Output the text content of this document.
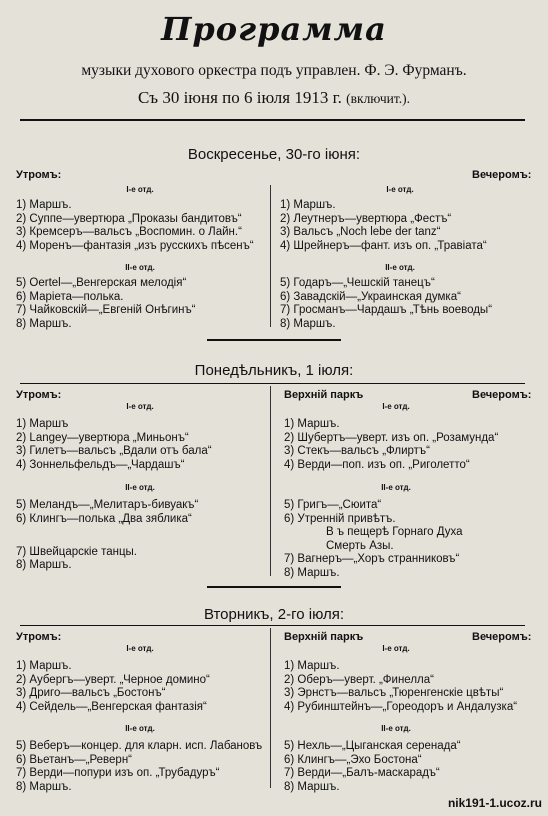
Программа
музыки духового оркестра подъ управлен. Ф. Э. Фурманъ.
Съ 30 іюня по 6 іюля 1913 г. (включит.).
Воскресенье, 30-го іюня:
Утромъ:	Вечеромъ:
I-е отд.
1) Маршъ.
2) Суппе—увертюра „Проказы бандитовъ“
3) Кремсеръ—вальсъ „Воспомин. о Лайн.“
4) Моренъ—фантазія „изъ русскихъ пѣсенъ“
II-е отд.
5) Oertel—„Венгерская мелодія“
6) Маріета—полька.
7) Чайковскій—„Евгеній Онѣгинъ“
8) Маршъ.
I-е отд.
1) Маршъ.
2) Леутнеръ—увертюра „Фестъ“
3) Вальсъ „Noch lebe der tanz“
4) Шрейнеръ—фант. изъ оп. „Травіата“
II-е отд.
5) Годаръ—„Чешскій танецъ“
6) Завадскій—„Украинская думка“
7) Гросманъ—Чардашъ „Тѣнь воеводы“
8) Маршъ.
Понедѣльникъ, 1 іюля:
Утромъ:	Верхній паркъ	Вечеромъ:
I-е отд.
1) Маршъ
2) Langey—увертюра „Миньонъ“
3) Гилетъ—вальсъ „Вдали отъ бала“
4) Зоннельфельдъ—„Чардашъ“
II-е отд.
5) Меландъ—„Мелитаръ-бивуакъ“
6) Клингъ—полька „Два зяблика“
7) Швейцарскіе танцы.
8) Маршъ.
I-е отд.
1) Маршъ.
2) Шубертъ—уверт. изъ оп. „Розамунда“
3) Стекъ—вальсъ „Флиртъ“
4) Верди—поп. изъ оп. „Риголетто“
II-е отд.
5) Григъ—„Сюита“
6) Утренній привѣтъ.
В ъ пещерѣ Горнаго Духа
Смерть Азы.
7) Вагнеръ—„Хоръ странниковъ“
8) Маршъ.
Вторникъ, 2-го іюля:
Утромъ:	Верхній паркъ	Вечеромъ:
I-е отд.
1) Маршъ.
2) Аубергъ—уверт. „Черное домино“
3) Дриго—вальсъ „Бостонъ“
4) Сейдель—„Венгерская фантазія“
II-е отд.
5) Веберъ—концер. для кларн. исп. Лабановъ
6) Вьетанъ—„Реверн“
7) Верди—попури изъ оп. „Трубадуръ“
8) Маршъ.
I-е отд.
1) Маршъ.
2) Оберъ—уверт. „Финелла“
3) Эрнстъ—вальсъ „Тюренгенскіе цвѣты“
4) Рубинштейнъ—„Гореодоръ и Андалузка“
II-е отд.
5) Нехль—„Цыганская серенада“
6) Клингъ—„Эхо Бостона“
7) Верди—„Балъ-маскарадъ“
8) Маршъ.
nik191-1.ucoz.ru
